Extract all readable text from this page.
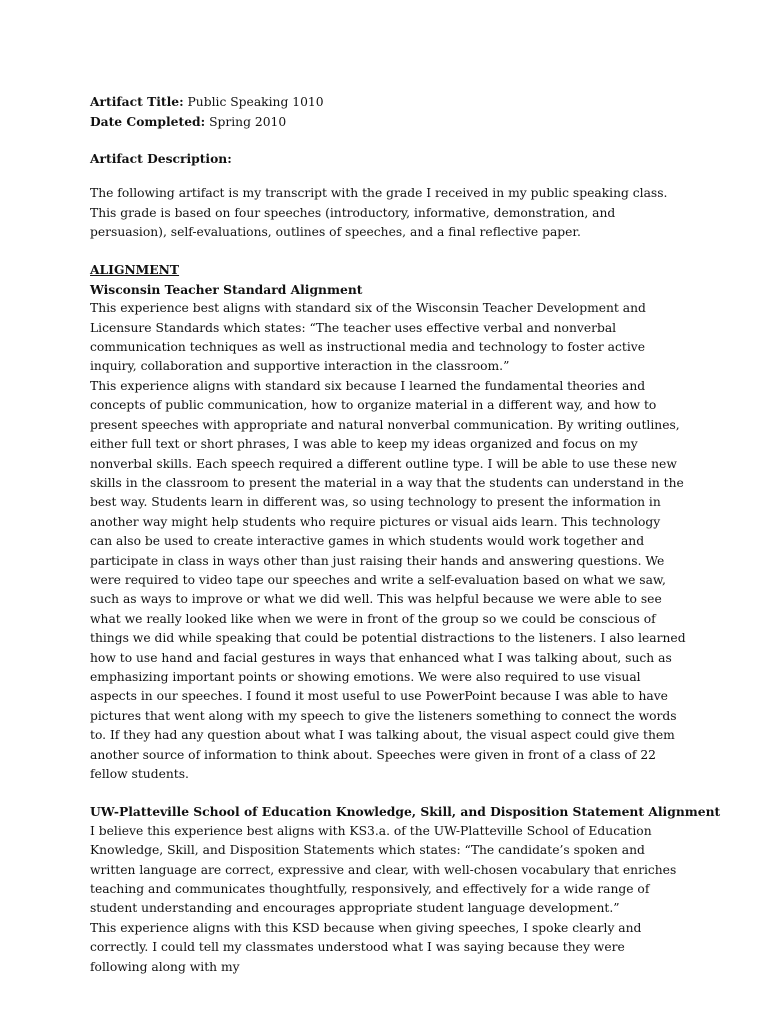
Artifact Title: Public Speaking 1010
Date Completed: Spring 2010
Artifact Description:

The following artifact is my transcript with the grade I received in my public speaking class. This grade is based on four speeches (introductory, informative, demonstration, and persuasion), self-evaluations, outlines of speeches, and a final reflective paper.

ALIGNMENT
Wisconsin Teacher Standard Alignment

This experience best aligns with standard six of the Wisconsin Teacher Development and Licensure Standards which states: “The teacher uses effective verbal and nonverbal communication techniques as well as instructional media and technology to foster active inquiry, collaboration and supportive interaction in the classroom.”

This experience aligns with standard six because I learned the fundamental theories and concepts of public communication, how to organize material in a different way, and how to present speeches with appropriate and natural nonverbal communication. By writing outlines, either full text or short phrases, I was able to keep my ideas organized and focus on my nonverbal skills. Each speech required a different outline type. I will be able to use these new skills in the classroom to present the material in a way that the students can understand in the best way. Students learn in different was, so using technology to present the information in another way might help students who require pictures or visual aids learn. This technology can also be used to create interactive games in which students would work together and participate in class in ways other than just raising their hands and answering questions. We were required to video tape our speeches and write a self-evaluation based on what we saw, such as ways to improve or what we did well. This was helpful because we were able to see what we really looked like when we were in front of the group so we could be conscious of things we did while speaking that could be potential distractions to the listeners. I also learned how to use hand and facial gestures in ways that enhanced what I was talking about, such as emphasizing important points or showing emotions. We were also required to use visual aspects in our speeches. I found it most useful to use PowerPoint because I was able to have pictures that went along with my speech to give the listeners something to connect the words to. If they had any question about what I was talking about, the visual aspect could give them another source of information to think about. Speeches were given in front of a class of 22 fellow students.

UW-Platteville School of Education Knowledge, Skill, and Disposition Statement Alignment

I believe this experience best aligns with KS3.a. of the UW-Platteville School of Education Knowledge, Skill, and Disposition Statements which states: “The candidate’s spoken and written language are correct, expressive and clear, with well-chosen vocabulary that enriches teaching and communicates thoughtfully, responsively, and effectively for a wide range of student understanding and encourages appropriate student language development.”

This experience aligns with this KSD because when giving speeches, I spoke clearly and correctly. I could tell my classmates understood what I was saying because they were following along with my
